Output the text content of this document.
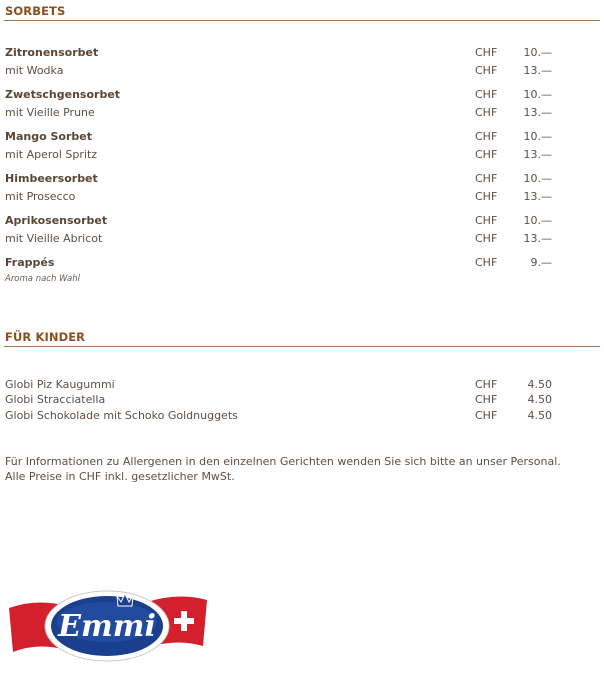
SORBETS
Zitronensorbet	CHF	10.—
mit Wodka	CHF	13.—
Zwetschgensorbet	CHF	10.—
mit Vieille Prune	CHF	13.—
Mango Sorbet	CHF	10.—
mit Aperol Spritz	CHF	13.—
Himbeersorbet	CHF	10.—
mit Prosecco	CHF	13.—
Aprikosensorbet	CHF	10.—
mit Vieille Abricot	CHF	13.—
Frappés	CHF	9.—
Aroma nach Wahl
FÜR KINDER
Globi Piz Kaugummi	CHF	4.50
Globi Stracciatella	CHF	4.50
Globi Schokolade mit Schoko Goldnuggets	CHF	4.50
Für Informationen zu Allergenen in den einzelnen Gerichten wenden Sie sich bitte an unser Personal.
Alle Preise in CHF inkl. gesetzlicher MwSt.
Emmi
